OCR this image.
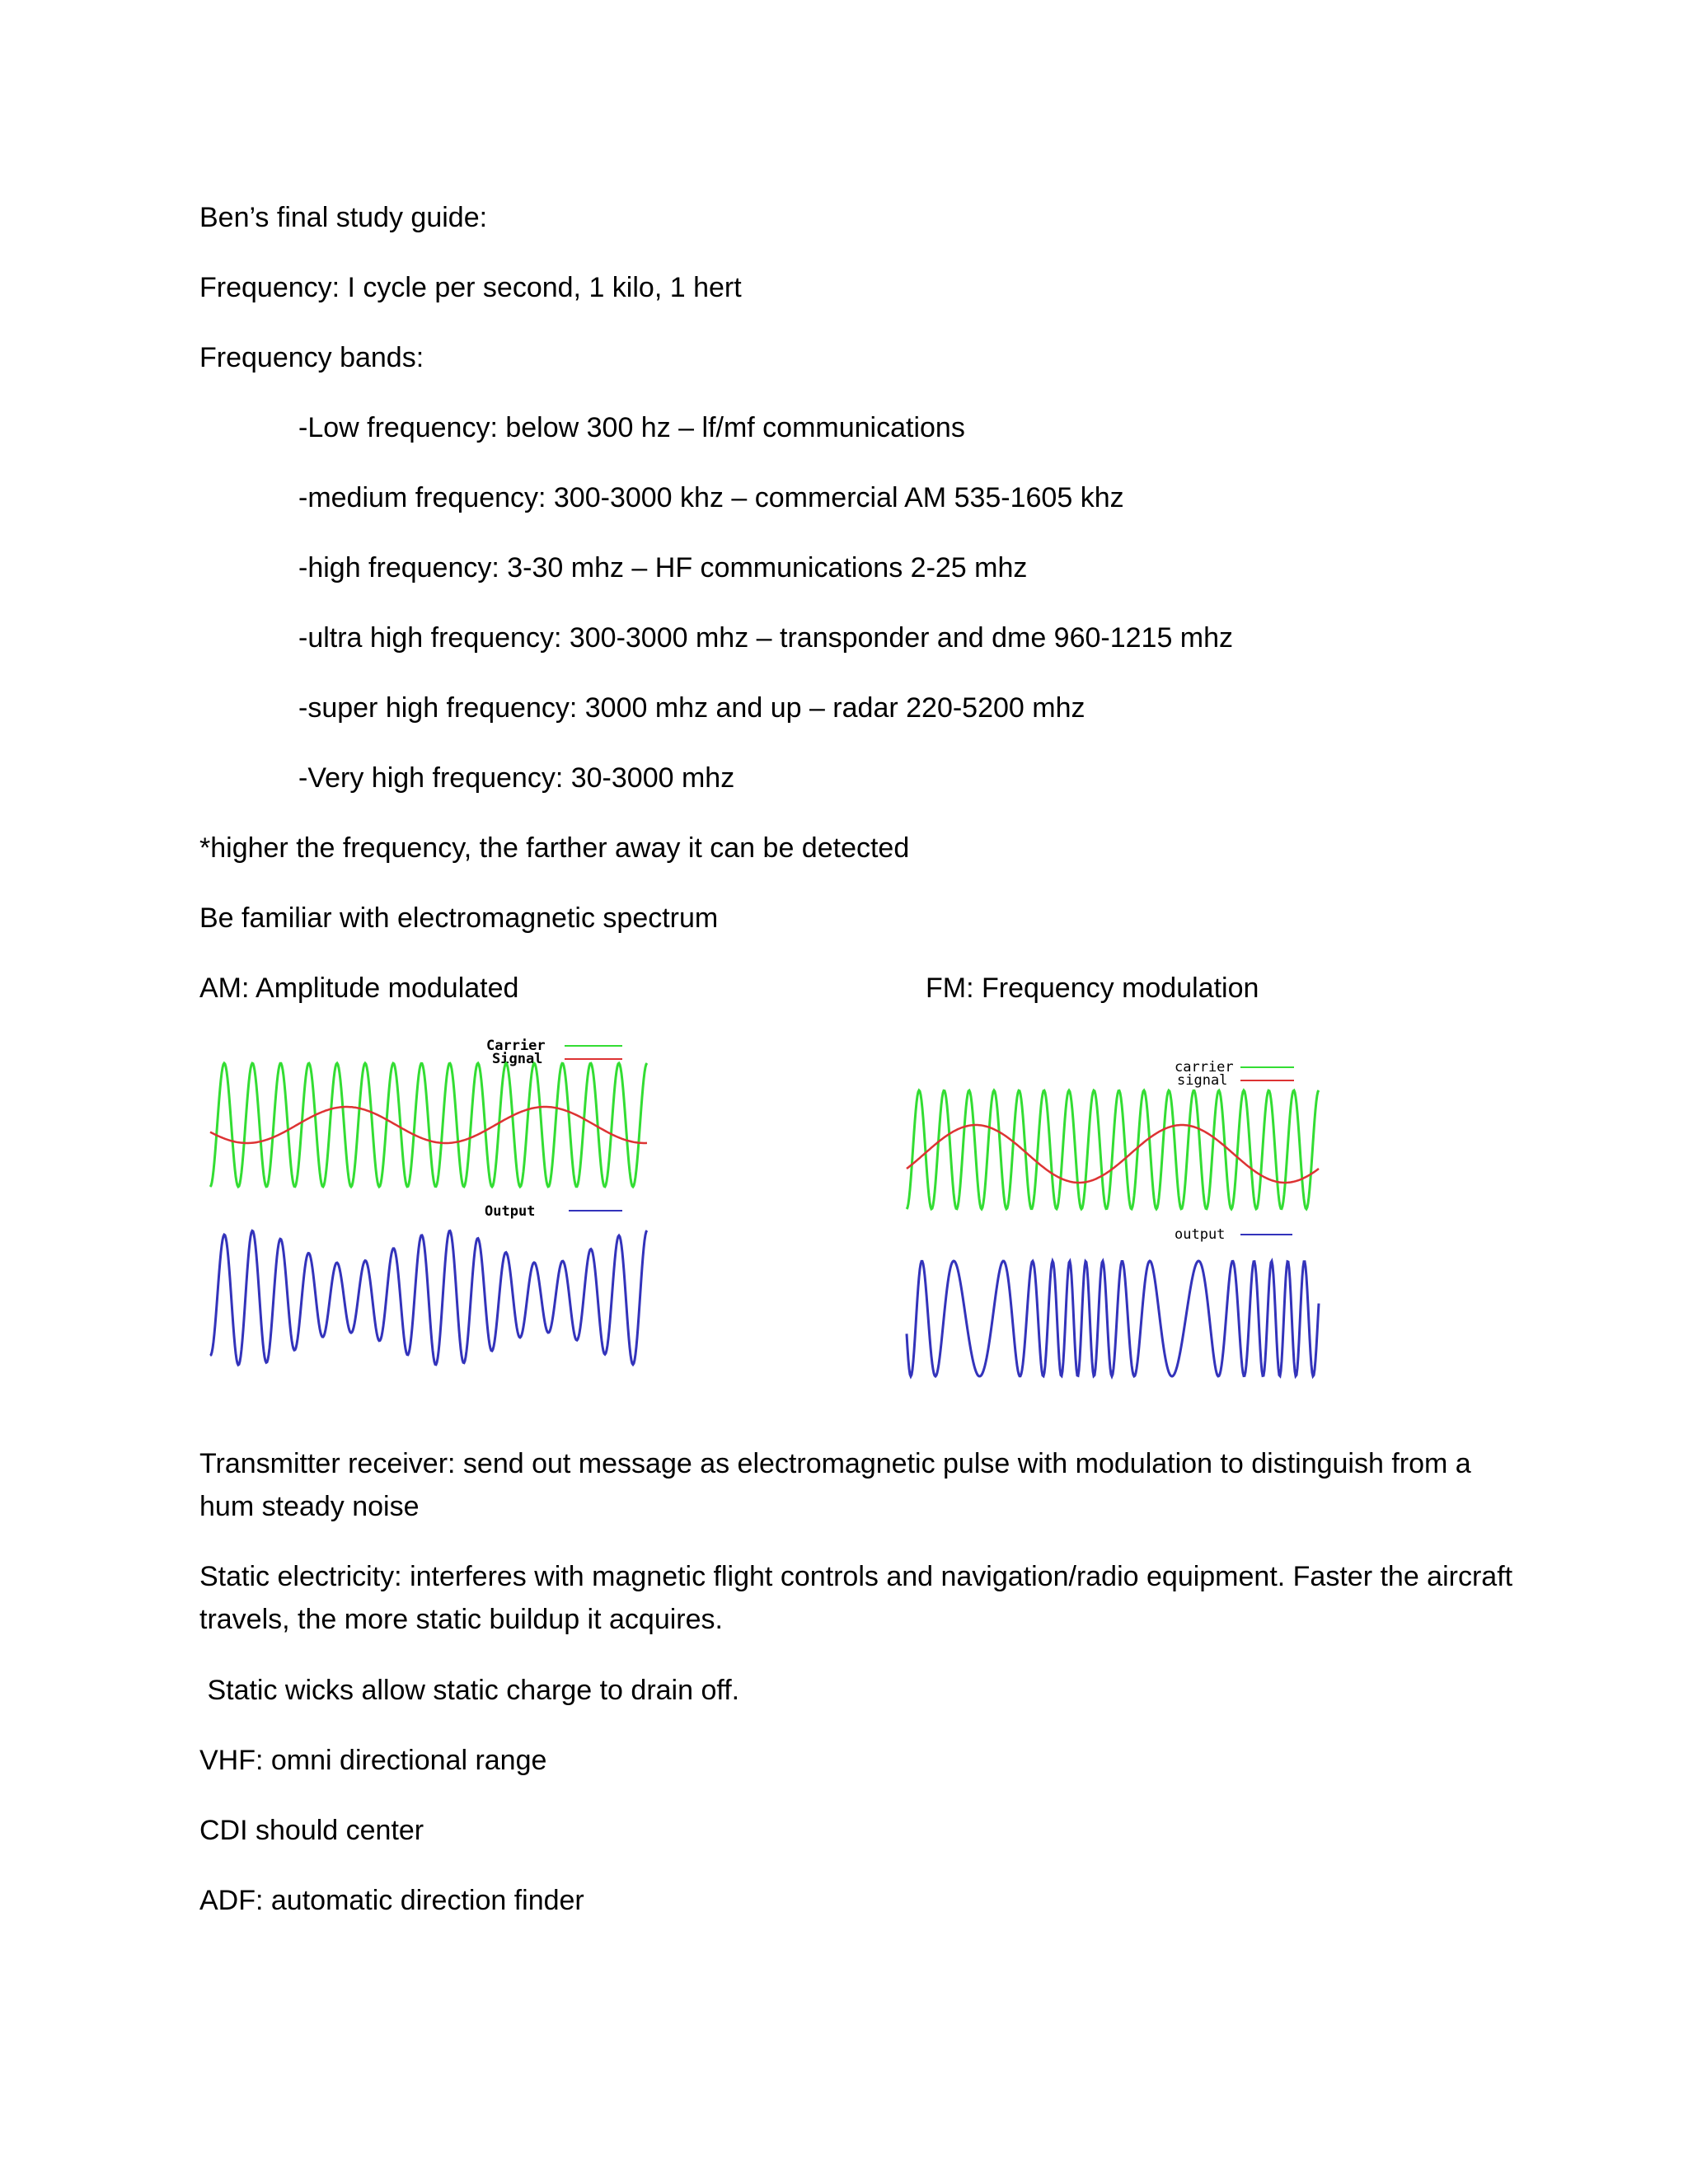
Ben’s final study guide:
Frequency: I cycle per second, 1 kilo, 1 hert
Frequency bands:
-Low frequency: below 300 hz – lf/mf communications
-medium frequency: 300-3000 khz – commercial AM 535-1605 khz
-high frequency: 3-30 mhz – HF communications 2-25 mhz
-ultra high frequency: 300-3000 mhz – transponder and dme 960-1215 mhz
-super high frequency: 3000 mhz and up – radar 220-5200 mhz
-Very high frequency: 30-3000 mhz
*higher the frequency, the farther away it can be detected
Be familiar with electromagnetic spectrum
AM: Amplitude modulated	FM: Frequency modulation
Carrier
Signal
Output
carrier
signal
output
Transmitter receiver: send out message as electromagnetic pulse with modulation to distinguish from a hum steady noise
Static electricity: interferes with magnetic flight controls and navigation/radio equipment. Faster the aircraft travels, the more static buildup it acquires.
Static wicks allow static charge to drain off.
VHF: omni directional range
CDI should center
ADF: automatic direction finder
